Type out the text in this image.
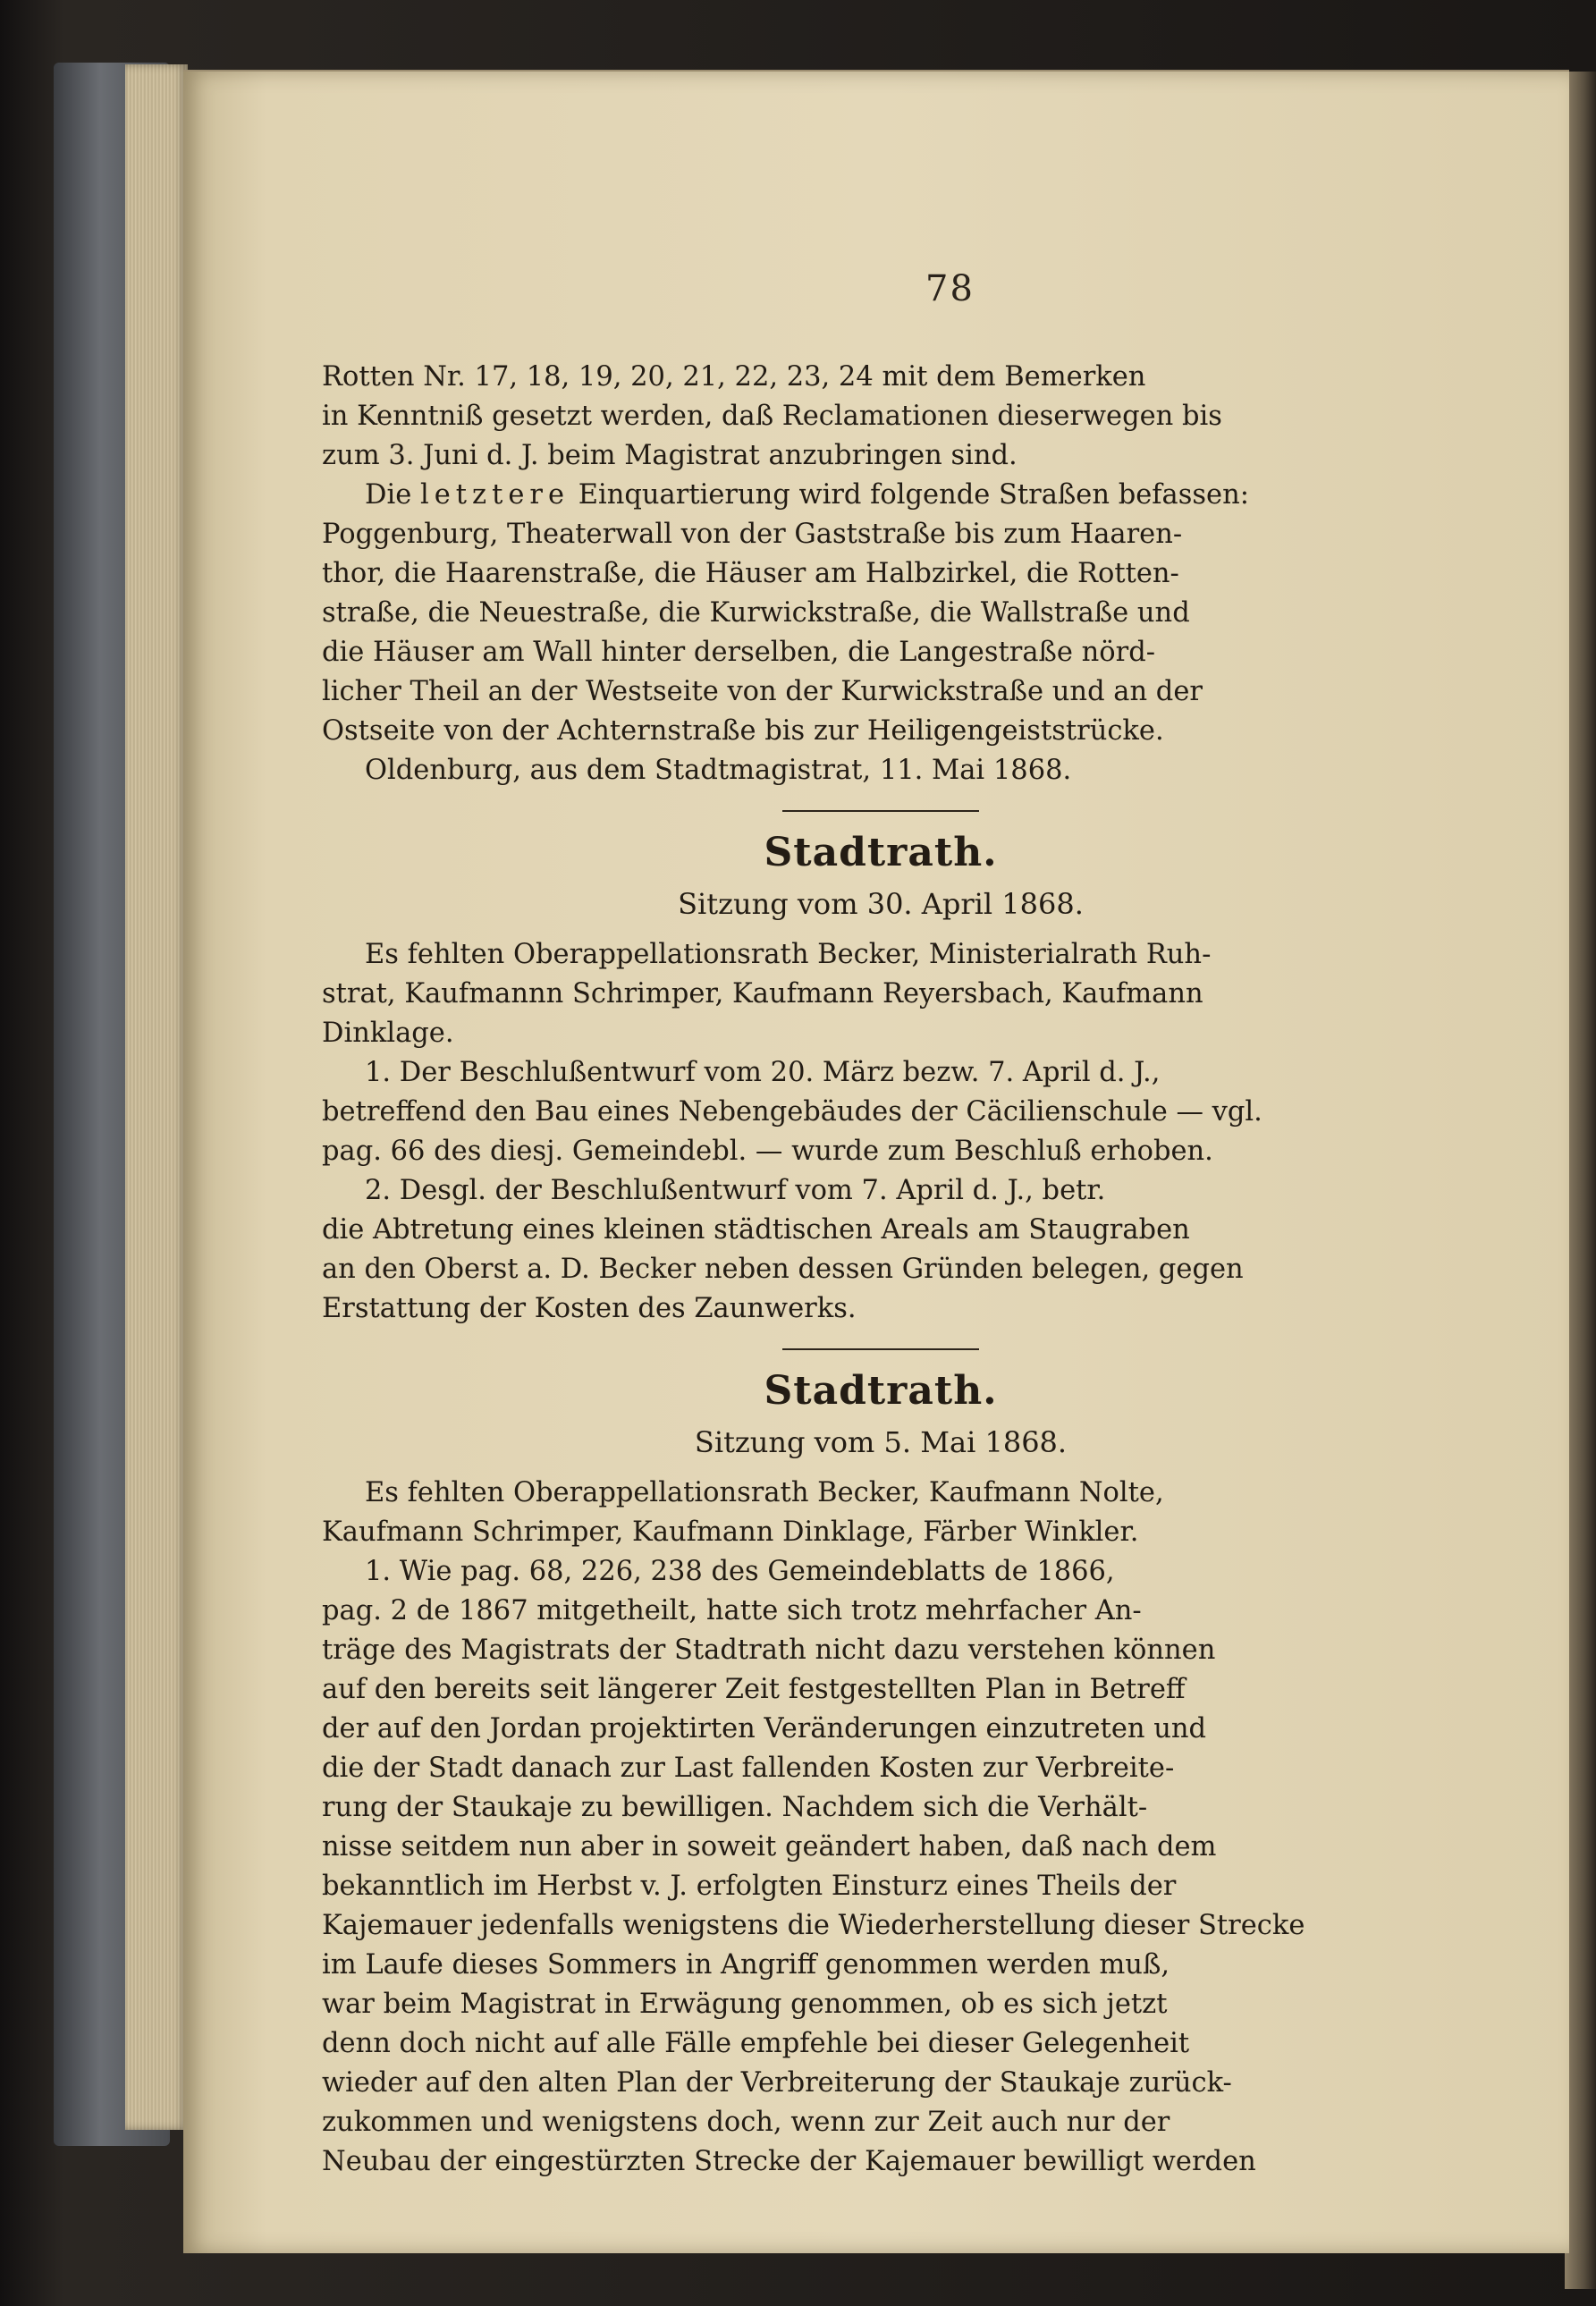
78

Rotten Nr. 17, 18, 19, 20, 21, 22, 23, 24 mit dem Bemerken
in Kenntniß gesetzt werden, daß Reclamationen dieserwegen bis
zum 3. Juni d. J. beim Magistrat anzubringen sind.

Die letztere Einquartierung wird folgende Straßen befassen:
Poggenburg, Theaterwall von der Gaststraße bis zum Haaren-
thor, die Haarenstraße, die Häuser am Halbzirkel, die Rotten-
straße, die Neuestraße, die Kurwickstraße, die Wallstraße und
die Häuser am Wall hinter derselben, die Langestraße nörd-
licher Theil an der Westseite von der Kurwickstraße und an der
Ostseite von der Achternstraße bis zur Heiligengeiststrücke.

Oldenburg, aus dem Stadtmagistrat, 11. Mai 1868.

Stadtrath.
Sitzung vom 30. April 1868.

Es fehlten Oberappellationsrath Becker, Ministerialrath Ruh-
strat, Kaufmannn Schrimper, Kaufmann Reyersbach, Kaufmann
Dinklage.

1. Der Beschlußentwurf vom 20. März bezw. 7. April d. J.,
betreffend den Bau eines Nebengebäudes der Cäcilienschule — vgl.
pag. 66 des diesj. Gemeindebl. — wurde zum Beschluß erhoben.

2. Desgl. der Beschlußentwurf vom 7. April d. J., betr.
die Abtretung eines kleinen städtischen Areals am Staugraben
an den Oberst a. D. Becker neben dessen Gründen belegen, gegen
Erstattung der Kosten des Zaunwerks.

Stadtrath.
Sitzung vom 5. Mai 1868.

Es fehlten Oberappellationsrath Becker, Kaufmann Nolte,
Kaufmann Schrimper, Kaufmann Dinklage, Färber Winkler.

1. Wie pag. 68, 226, 238 des Gemeindeblatts de 1866,
pag. 2 de 1867 mitgetheilt, hatte sich trotz mehrfacher An-
träge des Magistrats der Stadtrath nicht dazu verstehen können
auf den bereits seit längerer Zeit festgestellten Plan in Betreff
der auf den Jordan projektirten Veränderungen einzutreten und
die der Stadt danach zur Last fallenden Kosten zur Verbreite-
rung der Staukaje zu bewilligen. Nachdem sich die Verhält-
nisse seitdem nun aber in soweit geändert haben, daß nach dem
bekanntlich im Herbst v. J. erfolgten Einsturz eines Theils der
Kajemauer jedenfalls wenigstens die Wiederherstellung dieser Strecke
im Laufe dieses Sommers in Angriff genommen werden muß,
war beim Magistrat in Erwägung genommen, ob es sich jetzt
denn doch nicht auf alle Fälle empfehle bei dieser Gelegenheit
wieder auf den alten Plan der Verbreiterung der Staukaje zurück-
zukommen und wenigstens doch, wenn zur Zeit auch nur der
Neubau der eingestürzten Strecke der Kajemauer bewilligt werden
